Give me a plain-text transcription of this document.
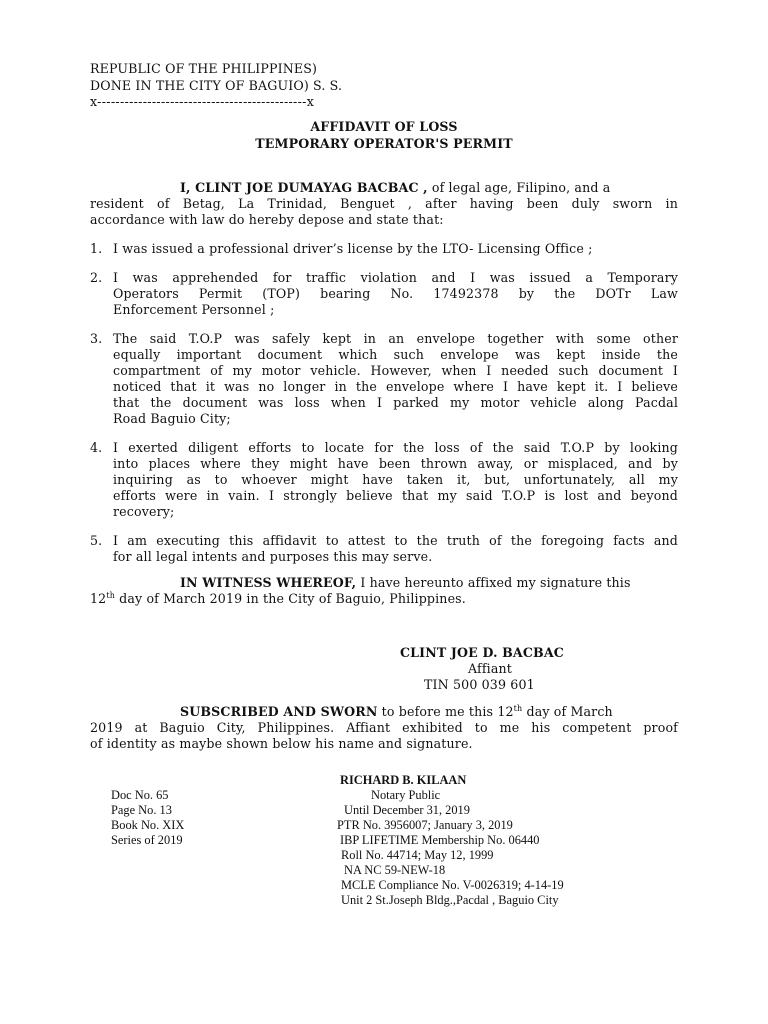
REPUBLIC OF THE PHILIPPINES)
DONE IN THE CITY OF BAGUIO) S. S.
x----------------------------------------------x
AFFIDAVIT OF LOSS
TEMPORARY OPERATOR'S PERMIT
I, CLINT JOE DUMAYAG BACBAC , of legal age, Filipino, and a
resident of Betag, La Trinidad, Benguet , after having been duly sworn in
accordance with law do hereby depose and state that:
1. I was issued a professional driver’s license by the LTO- Licensing Office ;
2. I was apprehended for traffic violation and I was issued a Temporary
Operators Permit (TOP) bearing No. 17492378 by the DOTr Law
Enforcement Personnel ;
3. The said T.O.P was safely kept in an envelope together with some other
equally important document which such envelope was kept inside the
compartment of my motor vehicle. However, when I needed such document I
noticed that it was no longer in the envelope where I have kept it. I believe
that the document was loss when I parked my motor vehicle along Pacdal
Road Baguio City;
4. I exerted diligent efforts to locate for the loss of the said T.O.P by looking
into places where they might have been thrown away, or misplaced, and by
inquiring as to whoever might have taken it, but, unfortunately, all my
efforts were in vain. I strongly believe that my said T.O.P is lost and beyond
recovery;
5. I am executing this affidavit to attest to the truth of the foregoing facts and
for all legal intents and purposes this may serve.
IN WITNESS WHEREOF, I have hereunto affixed my signature this
12th day of March 2019 in the City of Baguio, Philippines.
CLINT JOE D. BACBAC
Affiant
TIN 500 039 601
SUBSCRIBED AND SWORN to before me this 12th day of March
2019 at Baguio City, Philippines. Affiant exhibited to me his competent proof
of identity as maybe shown below his name and signature.
RICHARD B. KILAAN
Doc No. 65
Page No. 13
Book No. XIX
Series of 2019
Notary Public
Until December 31, 2019
PTR No. 3956007; January 3, 2019
IBP LIFETIME Membership No. 06440
Roll No. 44714; May 12, 1999
NA NC 59-NEW-18
MCLE Compliance No. V-0026319; 4-14-19
Unit 2 St.Joseph Bldg.,Pacdal , Baguio City
